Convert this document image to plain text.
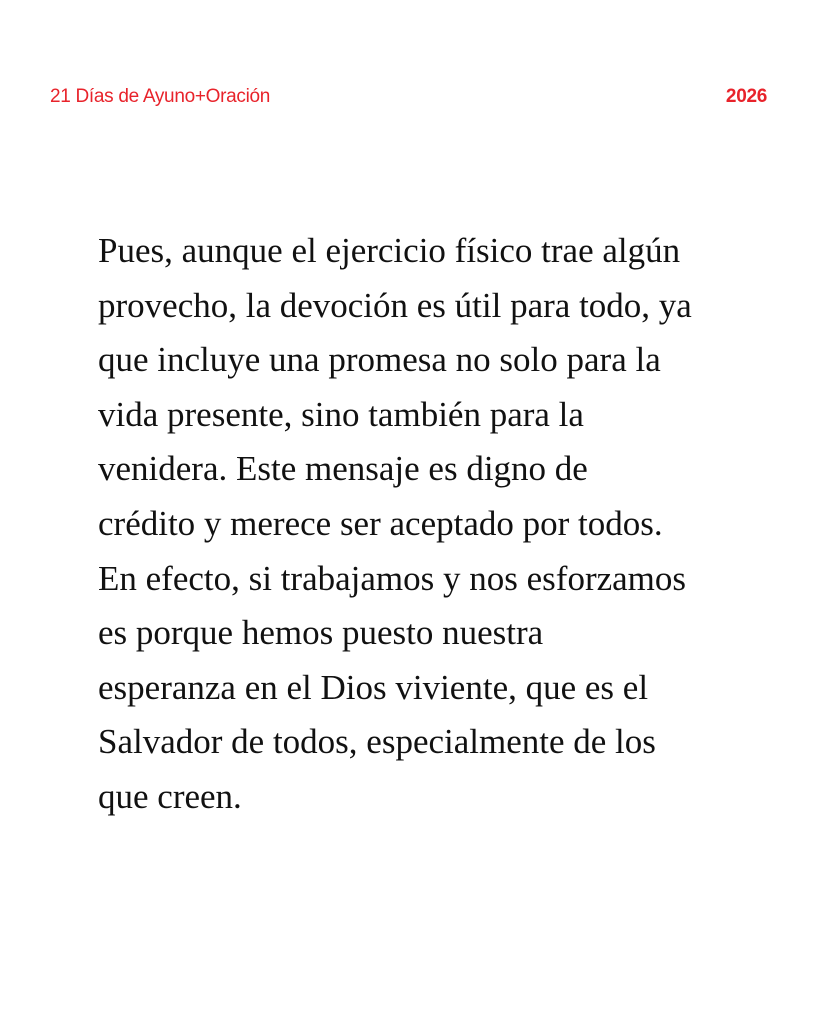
21 Días de Ayuno+Oración	2026

Pues, aunque el ejercicio físico trae algún
provecho, la devoción es útil para todo, ya
que incluye una promesa no solo para la
vida presente, sino también para la
venidera. Este mensaje es digno de
crédito y merece ser aceptado por todos.
En efecto, si trabajamos y nos esforzamos
es porque hemos puesto nuestra
esperanza en el Dios viviente, que es el
Salvador de todos, especialmente de los
que creen.
